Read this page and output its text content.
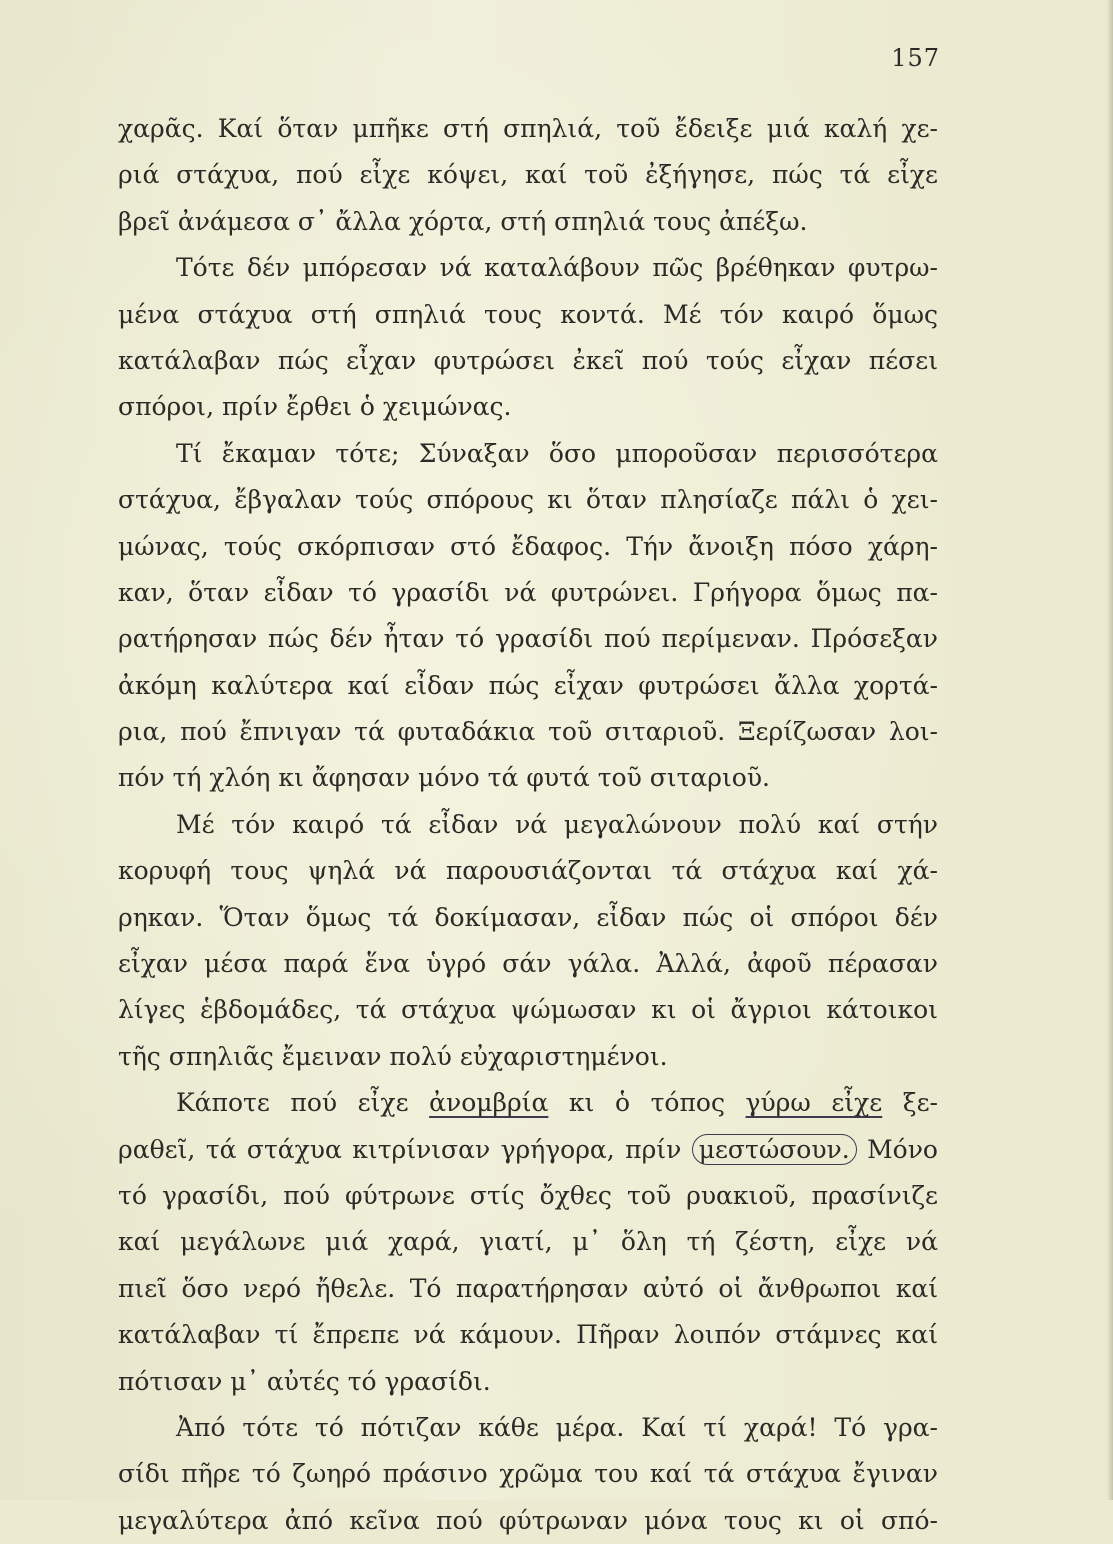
157
χαρᾶς. Καί ὅταν μπῆκε στή σπηλιά, τοῦ ἔδειξε μιά καλή χε-
ριά στάχυα, πού εἶχε κόψει, καί τοῦ ἐξήγησε, πώς τά εἶχε
βρεῖ ἀνάμεσα σ᾽ ἄλλα χόρτα, στή σπηλιά τους ἀπέξω.
Τότε δέν μπόρεσαν νά καταλάβουν πῶς βρέθηκαν φυτρω-
μένα στάχυα στή σπηλιά τους κοντά. Μέ τόν καιρό ὅμως
κατάλαβαν πώς εἶχαν φυτρώσει ἐκεῖ πού τούς εἶχαν πέσει
σπόροι, πρίν ἔρθει ὁ χειμώνας.
Τί ἔκαμαν τότε; Σύναξαν ὅσο μποροῦσαν περισσότερα
στάχυα, ἔβγαλαν τούς σπόρους κι ὅταν πλησίαζε πάλι ὁ χει-
μώνας, τούς σκόρπισαν στό ἔδαφος. Τήν ἄνοιξη πόσο χάρη-
καν, ὅταν εἶδαν τό γρασίδι νά φυτρώνει. Γρήγορα ὅμως πα-
ρατήρησαν πώς δέν ἦταν τό γρασίδι πού περίμεναν. Πρόσεξαν
ἀκόμη καλύτερα καί εἶδαν πώς εἶχαν φυτρώσει ἄλλα χορτά-
ρια, πού ἔπνιγαν τά φυταδάκια τοῦ σιταριοῦ. Ξερίζωσαν λοι-
πόν τή χλόη κι ἄφησαν μόνο τά φυτά τοῦ σιταριοῦ.
Μέ τόν καιρό τά εἶδαν νά μεγαλώνουν πολύ καί στήν
κορυφή τους ψηλά νά παρουσιάζονται τά στάχυα καί χά-
ρηκαν. Ὅταν ὅμως τά δοκίμασαν, εἶδαν πώς οἱ σπόροι δέν
εἶχαν μέσα παρά ἕνα ὑγρό σάν γάλα. Ἀλλά, ἀφοῦ πέρασαν
λίγες ἑβδομάδες, τά στάχυα ψώμωσαν κι οἱ ἄγριοι κάτοικοι
τῆς σπηλιᾶς ἔμειναν πολύ εὐχαριστημένοι.
Κάποτε πού εἶχε ἀνομβρία κι ὁ τόπος γύρω εἶχε ξε-
ραθεῖ, τά στάχυα κιτρίνισαν γρήγορα, πρίν μεστώσουν. Μόνο
τό γρασίδι, πού φύτρωνε στίς ὄχθες τοῦ ρυακιοῦ, πρασίνιζε
καί μεγάλωνε μιά χαρά, γιατί, μ᾽ ὅλη τή ζέστη, εἶχε νά
πιεῖ ὅσο νερό ἤθελε. Τό παρατήρησαν αὐτό οἱ ἄνθρωποι καί
κατάλαβαν τί ἔπρεπε νά κάμουν. Πῆραν λοιπόν στάμνες καί
πότισαν μ᾽ αὐτές τό γρασίδι.
Ἀπό τότε τό πότιζαν κάθε μέρα. Καί τί χαρά! Τό γρα-
σίδι πῆρε τό ζωηρό πράσινο χρῶμα του καί τά στάχυα ἔγιναν
μεγαλύτερα ἀπό κεῖνα πού φύτρωναν μόνα τους κι οἱ σπό-
